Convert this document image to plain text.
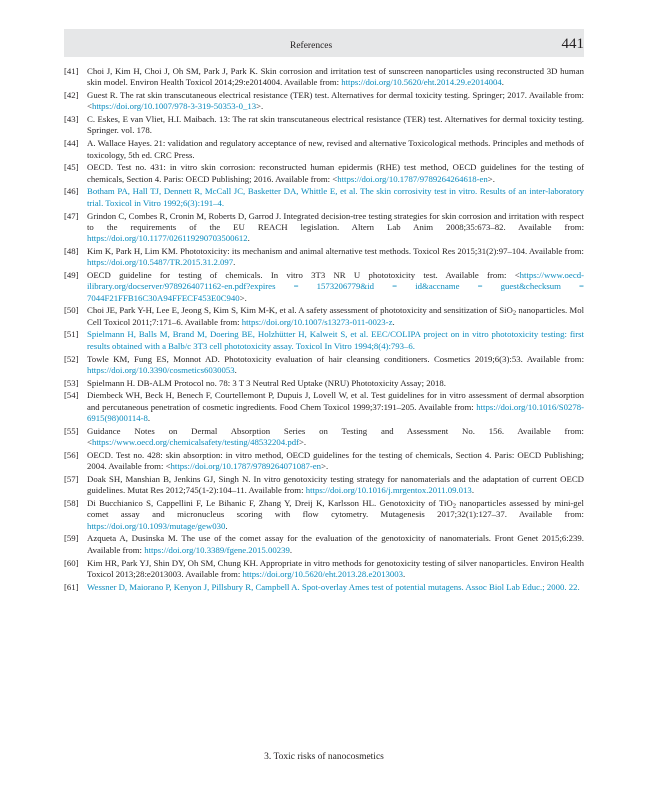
References	441
[41] Choi J, Kim H, Choi J, Oh SM, Park J, Park K. Skin corrosion and irritation test of sunscreen nanoparticles using reconstructed 3D human skin model. Environ Health Toxicol 2014;29:e2014004. Available from: https://doi.org/10.5620/eht.2014.29.e2014004.
[42] Guest R. The rat skin transcutaneous electrical resistance (TER) test. Alternatives for dermal toxicity testing. Springer; 2017. Available from: <https://doi.org/10.1007/978-3-319-50353-0_13>.
[43] C. Eskes, E van Vliet, H.I. Maibach. 13: The rat skin transcutaneous electrical resistance (TER) test. Alternatives for dermal toxicity testing. Springer. vol. 178.
[44] A. Wallace Hayes. 21: validation and regulatory acceptance of new, revised and alternative Toxicological methods. Principles and methods of toxicology, 5th ed. CRC Press.
[45] OECD. Test no. 431: in vitro skin corrosion: reconstructed human epidermis (RHE) test method, OECD guidelines for the testing of chemicals, Section 4. Paris: OECD Publishing; 2016. Available from: <https://doi.org/10.1787/9789264264618-en>.
[46] Botham PA, Hall TJ, Dennett R, McCall JC, Basketter DA, Whittle E, et al. The skin corrosivity test in vitro. Results of an inter-laboratory trial. Toxicol in Vitro 1992;6(3):191–4.
[47] Grindon C, Combes R, Cronin M, Roberts D, Garrod J. Integrated decision-tree testing strategies for skin corrosion and irritation with respect to the requirements of the EU REACH legislation. Altern Lab Anim 2008;35:673–82. Available from: https://doi.org/10.1177/026119290703500612.
[48] Kim K, Park H, Lim KM. Phototoxicity: its mechanism and animal alternative test methods. Toxicol Res 2015;31(2):97–104. Available from: https://doi.org/10.5487/TR.2015.31.2.097.
[49] OECD guideline for testing of chemicals. In vitro 3T3 NR U phototoxicity test. Available from: <https://www.oecd-ilibrary.org/docserver/9789264071162-en.pdf?expires = 1573206779&id = id&accname = guest&checksum = 7044F21FFB16C30A94FFECF453E0C940>.
[50] Choi JE, Park Y-H, Lee E, Jeong S, Kim S, Kim M-K, et al. A safety assessment of phototoxicity and sensitization of SiO$_2$ nanoparticles. Mol Cell Toxicol 2011;7:171–6. Available from: https://doi.org/10.1007/s13273-011-0023-z.
[51] Spielmann H, Balls M, Brand M, Doering BE, Holzhütter H, Kalweit S, et al. EEC/COLIPA project on in vitro phototoxicity testing: first results obtained with a Balb/c 3T3 cell phototoxicity assay. Toxicol In Vitro 1994;8(4):793–6.
[52] Towle KM, Fung ES, Monnot AD. Phototoxicity evaluation of hair cleansing conditioners. Cosmetics 2019;6(3):53. Available from: https://doi.org/10.3390/cosmetics6030053.
[53] Spielmann H. DB-ALM Protocol no. 78: 3 T 3 Neutral Red Uptake (NRU) Phototoxicity Assay; 2018.
[54] Diembeck WH, Beck H, Benech F, Courtellemont P, Dupuis J, Lovell W, et al. Test guidelines for in vitro assessment of dermal absorption and percutaneous penetration of cosmetic ingredients. Food Chem Toxicol 1999;37:191–205. Available from: https://doi.org/10.1016/S0278-6915(98)00114-8.
[55] Guidance Notes on Dermal Absorption Series on Testing and Assessment No. 156. Available from: <https://www.oecd.org/chemicalsafety/testing/48532204.pdf>.
[56] OECD. Test no. 428: skin absorption: in vitro method, OECD guidelines for the testing of chemicals, Section 4. Paris: OECD Publishing; 2004. Available from: <https://doi.org/10.1787/9789264071087-en>.
[57] Doak SH, Manshian B, Jenkins GJ, Singh N. In vitro genotoxicity testing strategy for nanomaterials and the adaptation of current OECD guidelines. Mutat Res 2012;745(1-2):104–11. Available from: https://doi.org/10.1016/j.mrgentox.2011.09.013.
[58] Di Bucchianico S, Cappellini F, Le Bihanic F, Zhang Y, Dreij K, Karlsson HL. Genotoxicity of TiO$_2$ nanoparticles assessed by mini-gel comet assay and micronucleus scoring with flow cytometry. Mutagenesis 2017;32(1):127–37. Available from: https://doi.org/10.1093/mutage/gew030.
[59] Azqueta A, Dusinska M. The use of the comet assay for the evaluation of the genotoxicity of nanomaterials. Front Genet 2015;6:239. Available from: https://doi.org/10.3389/fgene.2015.00239.
[60] Kim HR, Park YJ, Shin DY, Oh SM, Chung KH. Appropriate in vitro methods for genotoxicity testing of silver nanoparticles. Environ Health Toxicol 2013;28:e2013003. Available from: https://doi.org/10.5620/eht.2013.28.e2013003.
[61] Wessner D, Maiorano P, Kenyon J, Pillsbury R, Campbell A. Spot-overlay Ames test of potential mutagens. Assoc Biol Lab Educ.; 2000. 22.
3. Toxic risks of nanocosmetics
